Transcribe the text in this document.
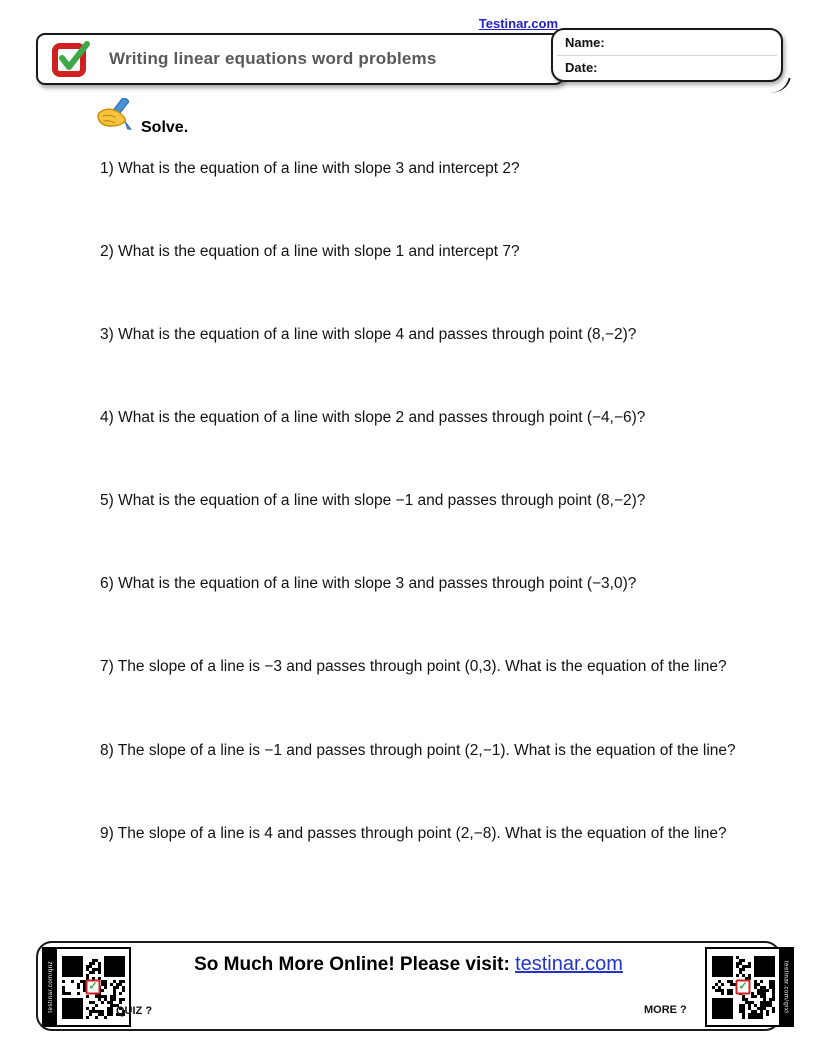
Testinar.com
Writing linear equations word problems
Name:
Date:
Solve.

1) What is the equation of a line with slope 3 and intercept 2?

2) What is the equation of a line with slope 1 and intercept 7?

3) What is the equation of a line with slope 4 and passes through point (8,−2)?

4) What is the equation of a line with slope 2 and passes through point (−4,−6)?

5) What is the equation of a line with slope −1 and passes through point (8,−2)?

6) What is the equation of a line with slope 3 and passes through point (−3,0)?

7) The slope of a line is −3 and passes through point (0,3). What is the equation of the line?

8) The slope of a line is −1 and passes through point (2,−1). What is the equation of the line?

9) The slope of a line is 4 and passes through point (2,−8). What is the equation of the line?

testinar.com/qnz	✓
So Much More Online! Please visit: testinar.com
QUIZ ?	MORE ?
✓	testinar.com/qrxl
